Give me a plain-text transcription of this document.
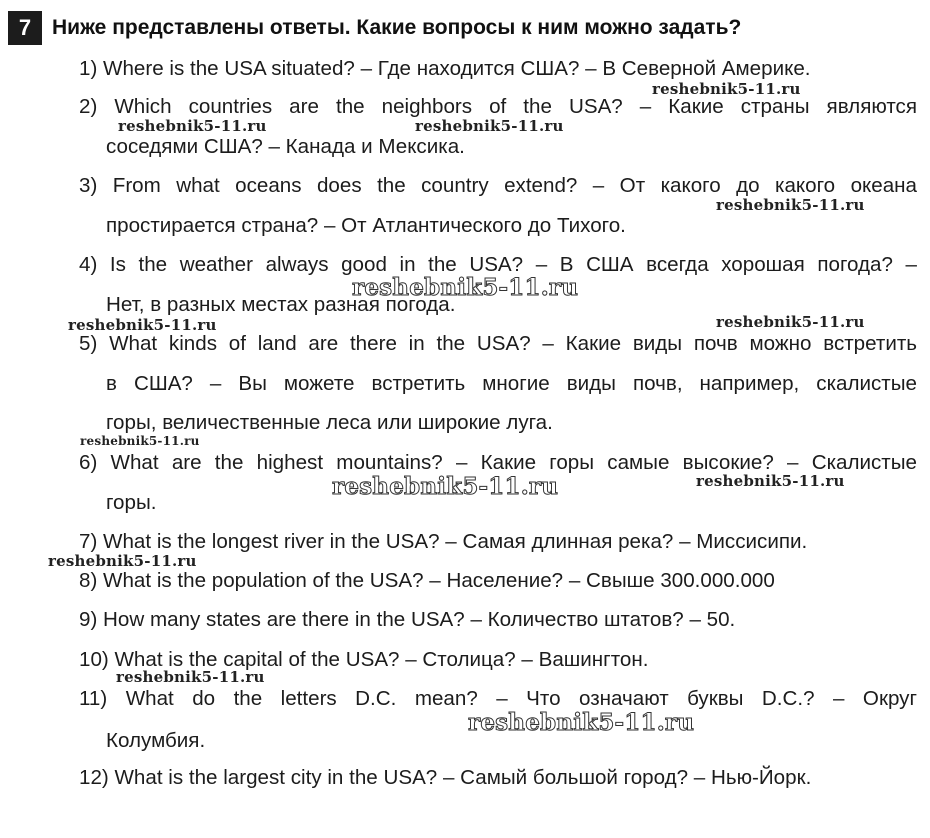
7 Ниже представлены ответы. Какие вопросы к ним можно задать?
1) Where is the USA situated? – Где находится США? – В Северной Америке.
2) Which countries are the neighbors of the USA? – Какие страны являются
соседями США? – Канада и Мексика.
3) From what oceans does the country extend? – От какого до какого океана
простирается страна? – От Атлантического до Тихого.
4) Is the weather always good in the USA? – В США всегда хорошая погода? –
Нет, в разных местах разная погода.
5) What kinds of land are there in the USA? – Какие виды почв можно встретить
в США? – Вы можете встретить многие виды почв, например, скалистые
горы, величественные леса или широкие луга.
6) What are the highest mountains? – Какие горы самые высокие? – Скалистые
горы.
7) What is the longest river in the USA? – Самая длинная река? – Миссисипи.
8) What is the population of the USA? – Население? – Свыше 300.000.000
9) How many states are there in the USA? – Количество штатов? – 50.
10) What is the capital of the USA? – Столица? – Вашингтон.
11) What do the letters D.C. mean? – Что означают буквы D.C.? – Округ
Колумбия.
12) What is the largest city in the USA? – Самый большой город? – Нью-Йорк.
reshebnik5-11.ru
reshebnik5-11.ru	reshebnik5-11.ru
reshebnik5-11.ru
reshebnik5-11.ru
reshebnik5-11.ru	reshebnik5-11.ru
reshebnik5-11.ru
reshebnik5-11.ru	reshebnik5-11.ru
reshebnik5-11.ru
reshebnik5-11.ru
reshebnik5-11.ru
